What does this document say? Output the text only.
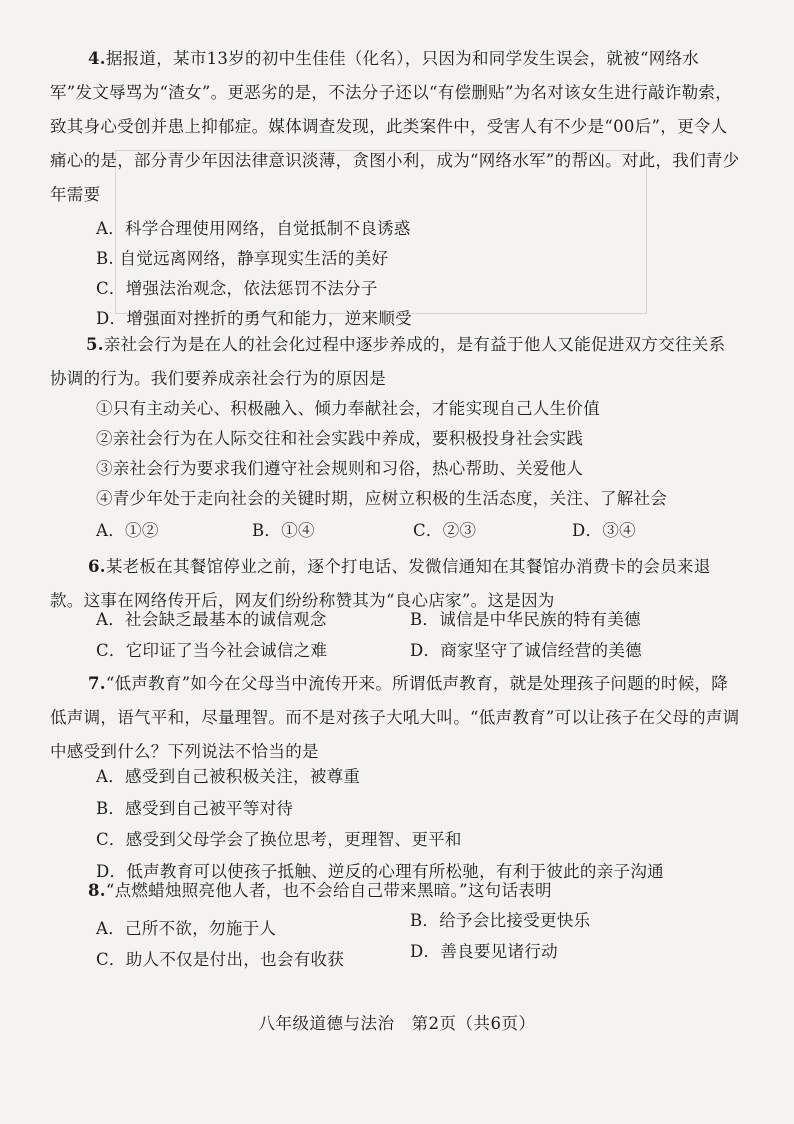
4.据报道，某市13岁的初中生佳佳（化名），只因为和同学发生误会，就被“网络水军”发文辱骂为“渣女”。更恶劣的是，不法分子还以“有偿删贴”为名对该女生进行敲诈勒索，致其身心受创并患上抑郁症。媒体调查发现，此类案件中，受害人有不少是“00后”，更令人痛心的是，部分青少年因法律意识淡薄，贪图小利，成为“网络水军”的帮凶。对此，我们青少年需要

A．科学合理使用网络，自觉抵制不良诱惑
B. 自觉远离网络，静享现实生活的美好
C．增强法治观念，依法惩罚不法分子
D．增强面对挫折的勇气和能力，逆来顺受

5.亲社会行为是在人的社会化过程中逐步养成的，是有益于他人又能促进双方交往关系协调的行为。我们要养成亲社会行为的原因是

①只有主动关心、积极融入、倾力奉献社会，才能实现自己人生价值
②亲社会行为在人际交往和社会实践中养成，要积极投身社会实践
③亲社会行为要求我们遵守社会规则和习俗，热心帮助、关爱他人
④青少年处于走向社会的关键时期，应树立积极的生活态度，关注、了解社会
A．①②	B．①④	C．②③	D．③④

6.某老板在其餐馆停业之前，逐个打电话、发微信通知在其餐馆办消费卡的会员来退款。这事在网络传开后，网友们纷纷称赞其为“良心店家”。这是因为

A．社会缺乏最基本的诚信观念	B．诚信是中华民族的特有美德
C．它印证了当今社会诚信之难	D．商家坚守了诚信经营的美德

7.“低声教育”如今在父母当中流传开来。所谓低声教育，就是处理孩子问题的时候，降低声调，语气平和，尽量理智。而不是对孩子大吼大叫。“低声教育”可以让孩子在父母的声调中感受到什么？下列说法不恰当的是

A．感受到自己被积极关注，被尊重
B．感受到自己被平等对待
C．感受到父母学会了换位思考，更理智、更平和
D．低声教育可以使孩子抵触、逆反的心理有所松驰，有利于彼此的亲子沟通

8.“点燃蜡烛照亮他人者，也不会给自己带来黑暗。”这句话表明

A．己所不欲，勿施于人	B．给予会比接受更快乐
C．助人不仅是付出，也会有收获	D．善良要见诸行动
八年级道德与法治　第2页（共6页）
